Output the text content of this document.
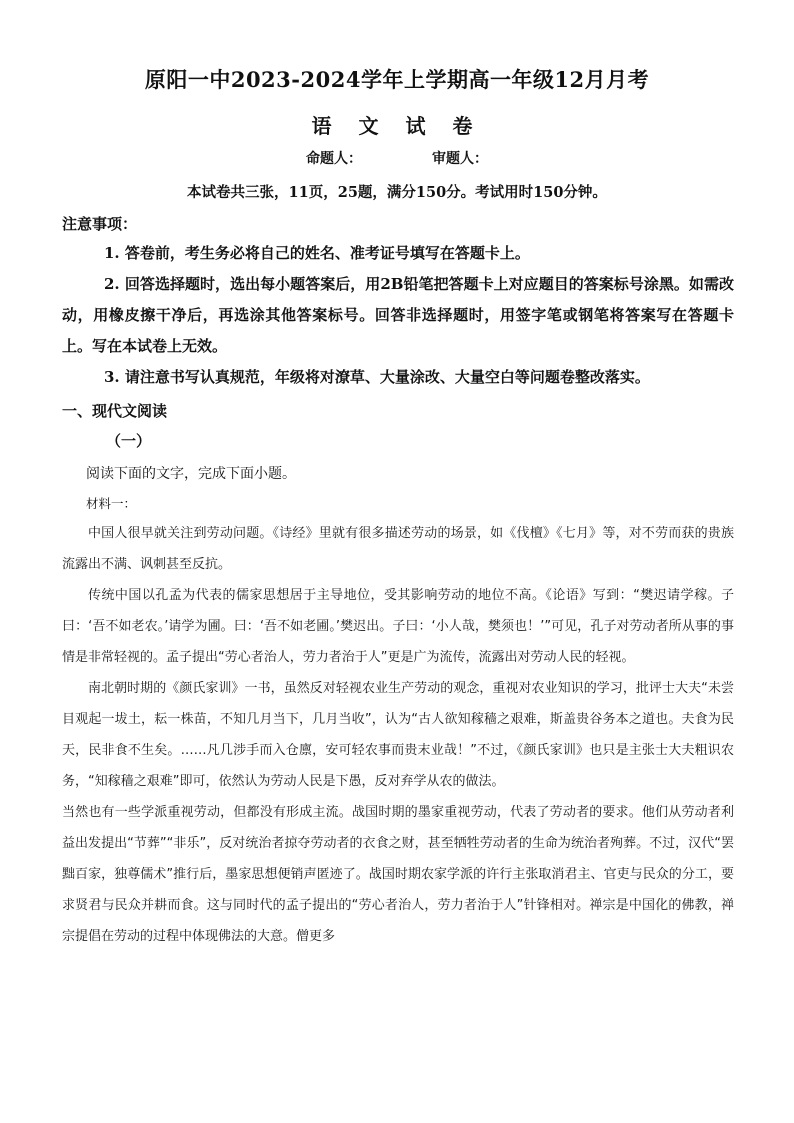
原阳一中2023-2024学年上学期高一年级12月月考
语 文 试 卷
命题人：	审题人：
本试卷共三张，11页，25题，满分150分。考试用时150分钟。
注意事项：

1. 答卷前，考生务必将自己的姓名、准考证号填写在答题卡上。

2. 回答选择题时，选出每小题答案后，用2B铅笔把答题卡上对应题目的答案标号涂黑。如需改动，用橡皮擦干净后，再选涂其他答案标号。回答非选择题时，用签字笔或钢笔将答案写在答题卡上。写在本试卷上无效。

3. 请注意书写认真规范，年级将对潦草、大量涂改、大量空白等问题卷整改落实。

一、现代文阅读
（一）
阅读下面的文字，完成下面小题。
材料一：

中国人很早就关注到劳动问题。《诗经》里就有很多描述劳动的场景，如《伐檀》《七月》等，对不劳而获的贵族流露出不满、讽刺甚至反抗。

传统中国以孔孟为代表的儒家思想居于主导地位，受其影响劳动的地位不高。《论语》写到：“樊迟请学稼。子曰：‘吾不如老农。’请学为圃。曰：‘吾不如老圃。’樊迟出。子曰：‘小人哉，樊须也！’”可见，孔子对劳动者所从事的事情是非常轻视的。孟子提出“劳心者治人，劳力者治于人”更是广为流传，流露出对劳动人民的轻视。

南北朝时期的《颜氏家训》一书，虽然反对轻视农业生产劳动的观念，重视对农业知识的学习，批评士大夫“未尝目观起一坺土，耘一株苗，不知几月当下，几月当收”，认为“古人欲知稼穑之艰难，斯盖贵谷务本之道也。夫食为民天，民非食不生矣。……凡几涉手而入仓廪，安可轻农事而贵末业哉！”不过，《颜氏家训》也只是主张士大夫粗识农务，“知稼穑之艰难”即可，依然认为劳动人民是下愚，反对弃学从农的做法。

当然也有一些学派重视劳动，但都没有形成主流。战国时期的墨家重视劳动，代表了劳动者的要求。他们从劳动者利益出发提出“节葬”“非乐”，反对统治者掠夺劳动者的衣食之财，甚至牺牲劳动者的生命为统治者殉葬。不过，汉代“罢黜百家，独尊儒术”推行后，墨家思想便销声匿迹了。战国时期农家学派的许行主张取消君主、官吏与民众的分工，要求贤君与民众并耕而食。这与同时代的孟子提出的“劳心者治人，劳力者治于人”针锋相对。禅宗是中国化的佛教，禅宗提倡在劳动的过程中体现佛法的大意。僧更多
